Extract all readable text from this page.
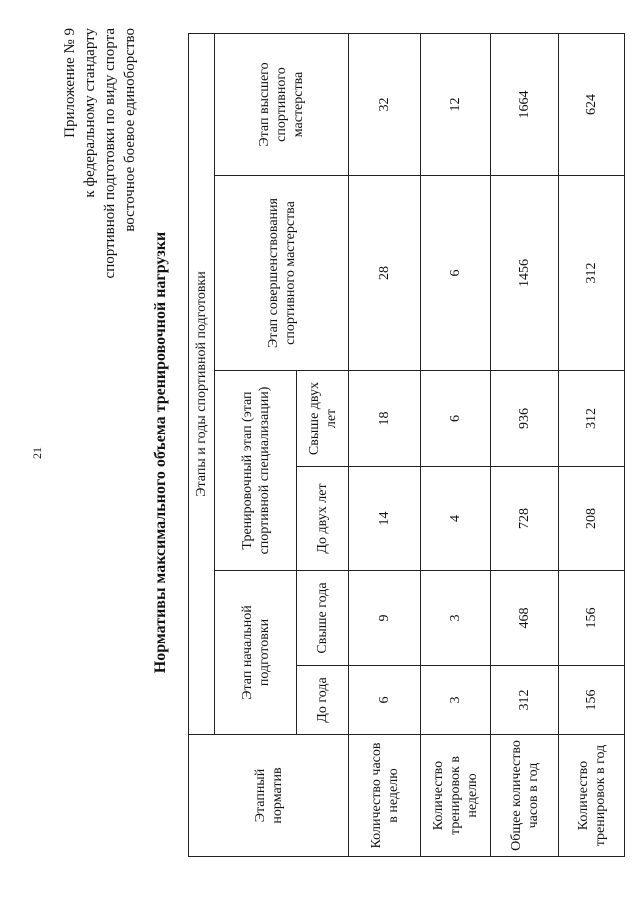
21
Приложение № 9 к федеральному стандарту спортивной подготовки по виду спорта восточное боевое единоборство
Нормативы максимального объема тренировочной нагрузки
Этапный норматив	Этапы и годы спортивной подготовки					
	Этап начальной подготовки		Тренировочный этап (этап спортивной специализации)		Этап совершенствования спортивного мастерства	Этап высшего спортивного мастерства
	До года	Свыше года	До двух лет	Свыше двух лет		
Количество часов в неделю	6	9	14	18	28	32
Количество тренировок в неделю	3	3	4	6	6	12
Общее количество часов в год	312	468	728	936	1456	1664
Количество тренировок в год	156	156	208	312	312	624
